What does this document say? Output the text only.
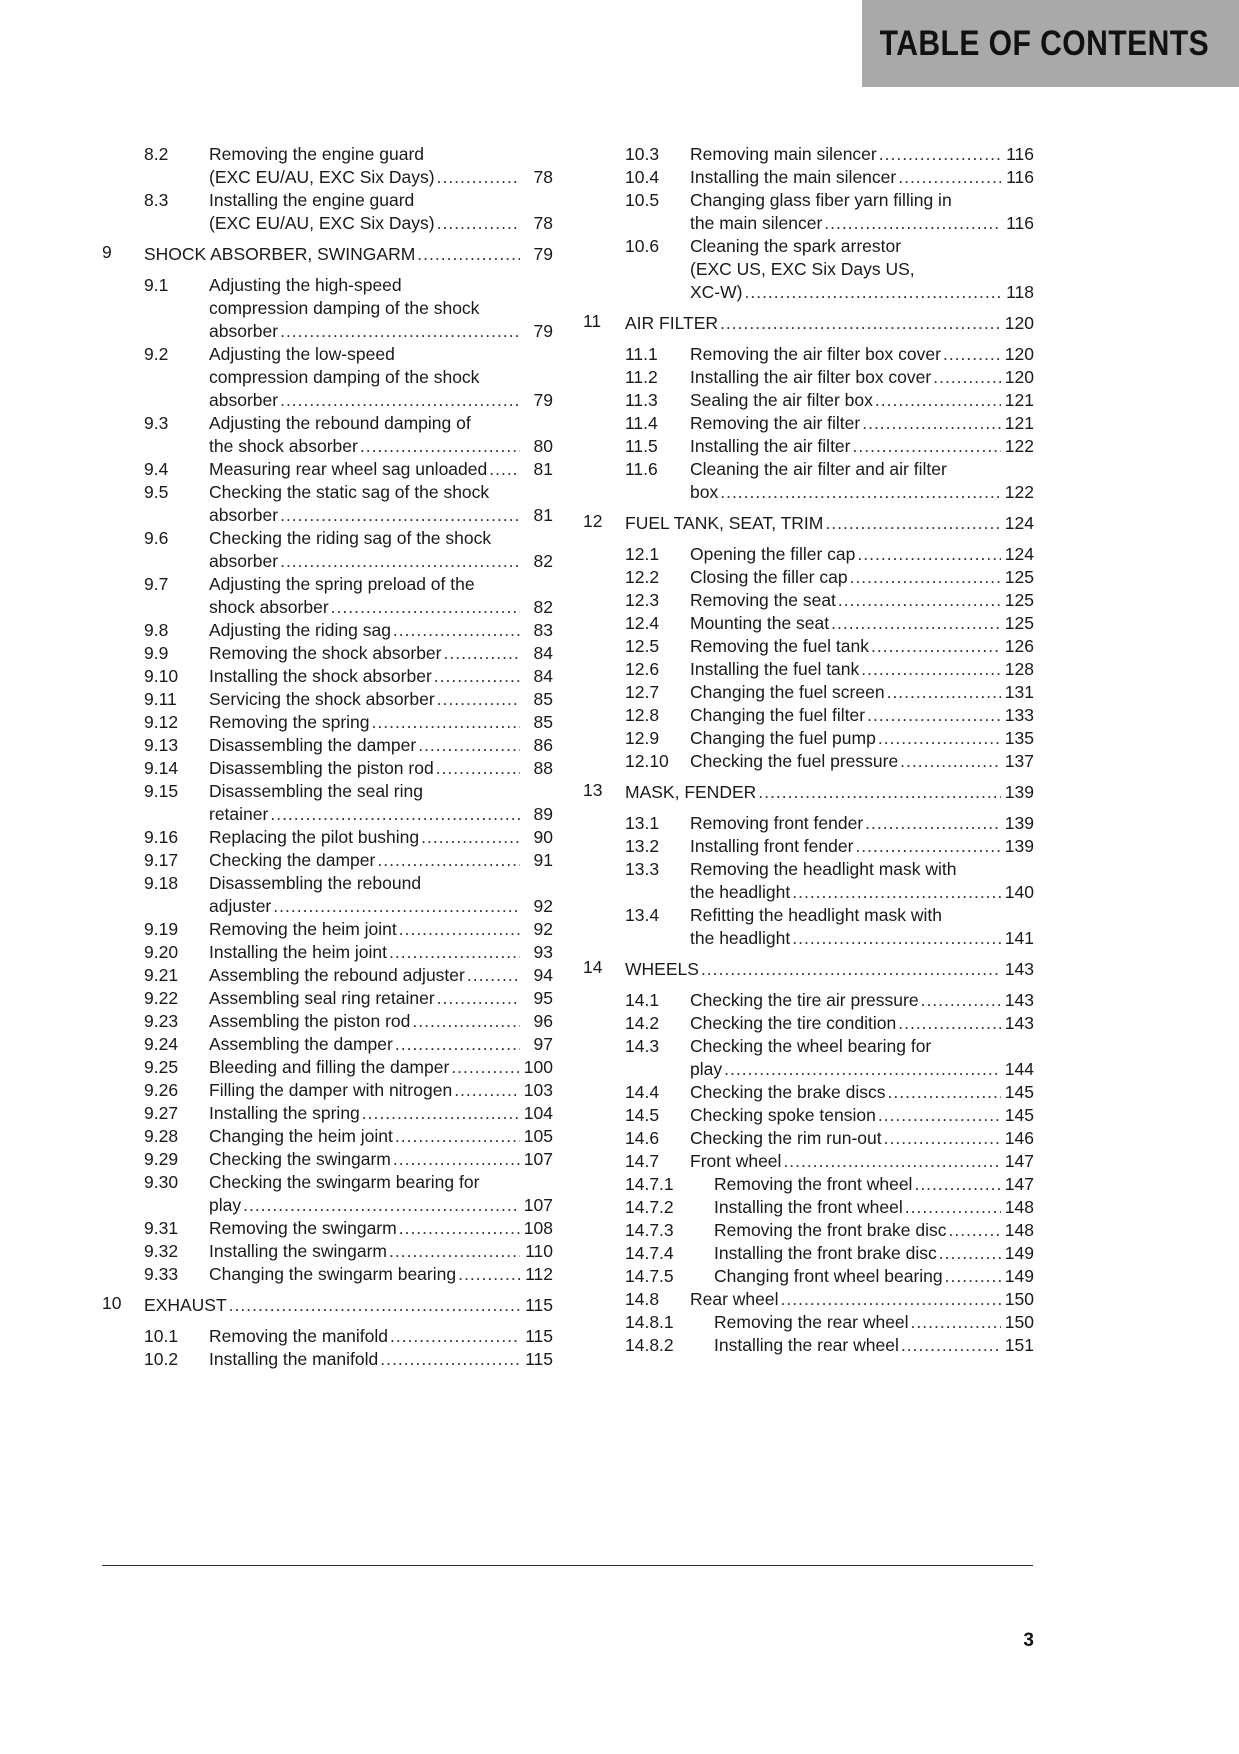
TABLE OF CONTENTS
8.2 Removing the engine guard
(EXC EU/AU, EXC Six Days) .....	78
8.3 Installing the engine guard
(EXC EU/AU, EXC Six Days) .....	78
9 SHOCK ABSORBER, SWINGARM .....	79
9.1 Adjusting the high-speed
compression damping of the shock
absorber .....	79
9.2 Adjusting the low-speed
compression damping of the shock
absorber .....	79
9.3 Adjusting the rebound damping of
the shock absorber .....	80
9.4 Measuring rear wheel sag unloaded .....	81
9.5 Checking the static sag of the shock
absorber .....	81
9.6 Checking the riding sag of the shock
absorber .....	82
9.7 Adjusting the spring preload of the
shock absorber .....	82
9.8 Adjusting the riding sag .....	83
9.9 Removing the shock absorber .....	84
9.10 Installing the shock absorber .....	84
9.11 Servicing the shock absorber .....	85
9.12 Removing the spring .....	85
9.13 Disassembling the damper .....	86
9.14 Disassembling the piston rod .....	88
9.15 Disassembling the seal ring
retainer .....	89
9.16 Replacing the pilot bushing .....	90
9.17 Checking the damper .....	91
9.18 Disassembling the rebound
adjuster .....	92
9.19 Removing the heim joint .....	92
9.20 Installing the heim joint .....	93
9.21 Assembling the rebound adjuster .....	94
9.22 Assembling seal ring retainer .....	95
9.23 Assembling the piston rod .....	96
9.24 Assembling the damper .....	97
9.25 Bleeding and filling the damper .....	100
9.26 Filling the damper with nitrogen .....	103
9.27 Installing the spring .....	104
9.28 Changing the heim joint .....	105
9.29 Checking the swingarm .....	107
9.30 Checking the swingarm bearing for
play .....	107
9.31 Removing the swingarm .....	108
9.32 Installing the swingarm .....	110
9.33 Changing the swingarm bearing .....	112
10 EXHAUST .....	115
10.1 Removing the manifold .....	115
10.2 Installing the manifold .....	115
10.3 Removing main silencer .....	116
10.4 Installing the main silencer .....	116
10.5 Changing glass fiber yarn filling in
the main silencer .....	116
10.6 Cleaning the spark arrestor
(EXC US, EXC Six Days US,
XC-W) .....	118
11 AIR FILTER .....	120
11.1 Removing the air filter box cover .....	120
11.2 Installing the air filter box cover .....	120
11.3 Sealing the air filter box .....	121
11.4 Removing the air filter .....	121
11.5 Installing the air filter .....	122
11.6 Cleaning the air filter and air filter
box .....	122
12 FUEL TANK, SEAT, TRIM .....	124
12.1 Opening the filler cap .....	124
12.2 Closing the filler cap .....	125
12.3 Removing the seat .....	125
12.4 Mounting the seat .....	125
12.5 Removing the fuel tank .....	126
12.6 Installing the fuel tank .....	128
12.7 Changing the fuel screen .....	131
12.8 Changing the fuel filter .....	133
12.9 Changing the fuel pump .....	135
12.10 Checking the fuel pressure .....	137
13 MASK, FENDER .....	139
13.1 Removing front fender .....	139
13.2 Installing front fender .....	139
13.3 Removing the headlight mask with
the headlight .....	140
13.4 Refitting the headlight mask with
the headlight .....	141
14 WHEELS .....	143
14.1 Checking the tire air pressure .....	143
14.2 Checking the tire condition .....	143
14.3 Checking the wheel bearing for
play .....	144
14.4 Checking the brake discs .....	145
14.5 Checking spoke tension .....	145
14.6 Checking the rim run-out .....	146
14.7 Front wheel .....	147
14.7.1 Removing the front wheel .....	147
14.7.2 Installing the front wheel .....	148
14.7.3 Removing the front brake disc .....	148
14.7.4 Installing the front brake disc .....	149
14.7.5 Changing front wheel bearing .....	149
14.8 Rear wheel .....	150
14.8.1 Removing the rear wheel .....	150
14.8.2 Installing the rear wheel .....	151
3
